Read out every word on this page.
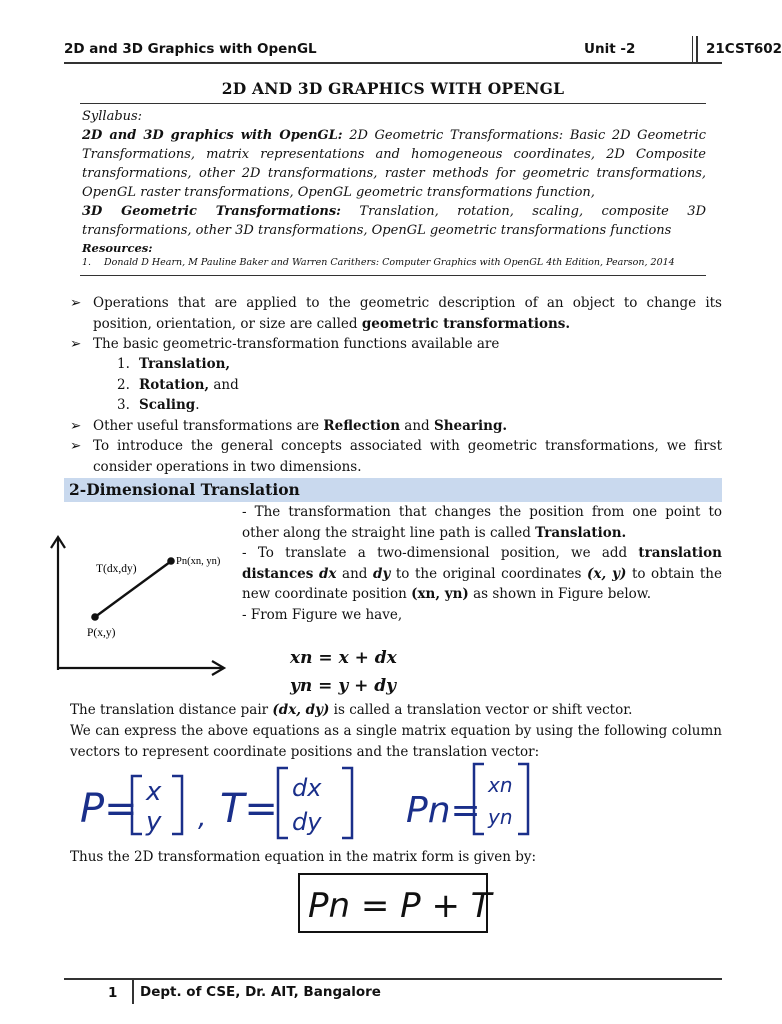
2D and 3D Graphics with OpenGL	Unit -2	21CST602
2D AND 3D GRAPHICS WITH OPENGL
Syllabus:
2D and 3D graphics with OpenGL: 2D Geometric Transformations: Basic 2D Geometric Transformations, matrix representations and homogeneous coordinates, 2D Composite transformations, other 2D transformations, raster methods for geometric transformations, OpenGL raster transformations, OpenGL geometric transformations function,
3D Geometric Transformations: Translation, rotation, scaling, composite 3D transformations, other 3D transformations, OpenGL geometric transformations functions
Resources:
1. Donald D Hearn, M Pauline Baker and Warren Carithers: Computer Graphics with OpenGL 4th Edition, Pearson, 2014
➢ Operations that are applied to the geometric description of an object to change its position, orientation, or size are called geometric transformations.
➢ The basic geometric-transformation functions available are
1. Translation,
2. Rotation, and
3. Scaling.
➢ Other useful transformations are Reflection and Shearing.
➢ To introduce the general concepts associated with geometric transformations, we first consider operations in two dimensions.
2-Dimensional Translation
T(dx,dy)
Pn(xn, yn)
P(x,y)
- The transformation that changes the position from one point to other along the straight line path is called Translation.
- To translate a two-dimensional position, we add translation distances dx and dy to the original coordinates (x, y) to obtain the new coordinate position (xn, yn) as shown in Figure below.
- From Figure we have,
xn = x + dx
yn = y + dy
The translation distance pair (dx, dy) is called a translation vector or shift vector.
We can express the above equations as a single matrix equation by using the following column vectors to represent coordinate positions and the translation vector:
P= x
y , T= dx
dy Pn=
xn
yn
Thus the 2D transformation equation in the matrix form is given by:
Pn = P + T
1 Dept. of CSE, Dr. AIT, Bangalore
